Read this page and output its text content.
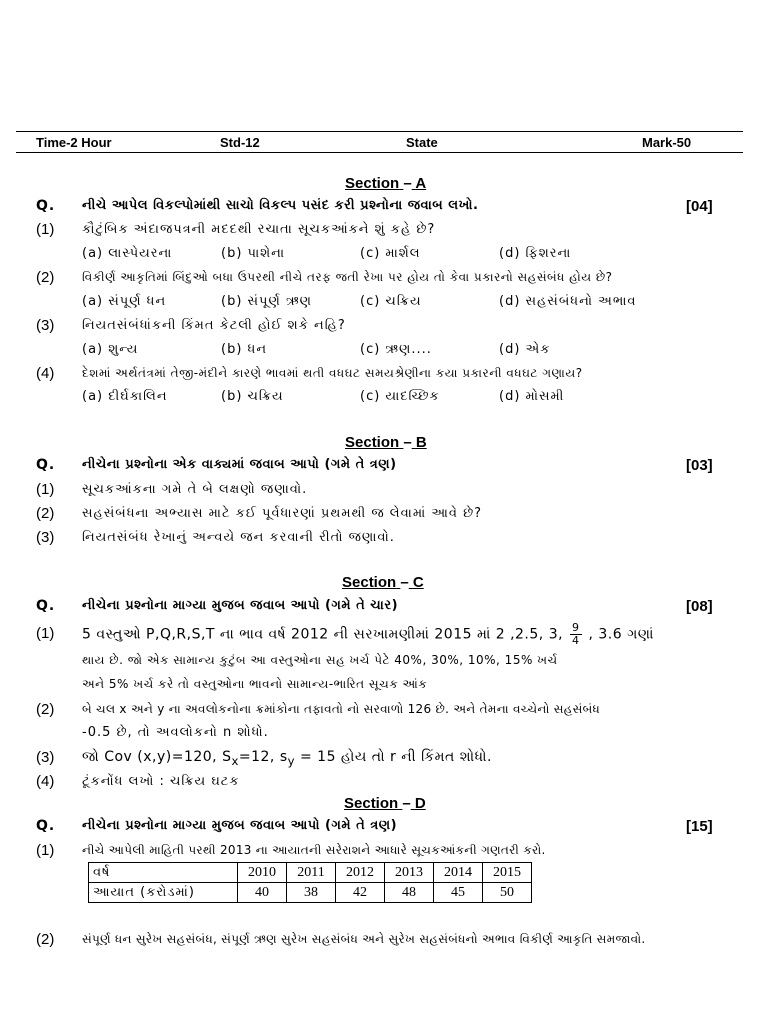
Time-2 Hour	Std-12	State	Mark-50
Section – A
Q. નીચે આપેલ વિકલ્પોમાંથી સાચો વિકલ્પ પસંદ કરી પ્રશ્નોના જવાબ લખો.	[04]
(1) કૌટુંબિક અંદાજપત્રની મદદથી રચાતા સૂચકઆંકને શું કહે છે?
(a) લાસ્પેયરના	(b) પાશેના	(c) માર્શલ	(d) ફિશરના
(2) વિકીર્ણ આકૃતિમાં બિંદુઓ બધા ઉપરથી નીચે તરફ જતી રેખા પર હોય તો કેવા પ્રકારનો સહસંબંધ હોય છે?
(a) સંપૂર્ણ ધન	(b) સંપૂર્ણ ઋણ	(c) ચક્રિય	(d) સહસંબંધનો અભાવ
(3) નિયતસંબંધાંકની કિંમત કેટલી હોઈ શકે નહિ?
(a) શુન્ય	(b) ધન	(c) ઋણ....	(d) એક
(4) દેશમાં અર્થતંત્રમાં તેજી-મંદીને કારણે ભાવમાં થતી વધઘટ સમયશ્રેણીના કયા પ્રકારની વધઘટ ગણાય?
(a) દીર્ઘકાલિન	(b) ચક્રિય	(c) યાદચ્છિક	(d) મોસમી
Section – B
Q. નીચેના પ્રશ્નોના એક વાક્યમાં જવાબ આપો (ગમે તે ત્રણ)	[03]
(1) સૂચકઆંકના ગમે તે બે લક્ષણો જણાવો.
(2) સહસંબંધના અભ્યાસ માટે કઈ પૂર્વધારણાં પ્રથમથી જ લેવામાં આવે છે?
(3) નિયતસંબંધ રેખાનું અન્વયે જન કરવાની રીતો જણાવો.
Section – C
Q. નીચેના પ્રશ્નોના માગ્યા મુજબ જવાબ આપો (ગમે તે ચાર)	[08]
(1) 5 વસ્તુઓ P,Q,R,S,T ના ભાવ વર્ષ 2012 ની સરખામણીમાં 2015 માં 2 ,2.5, 3, $\frac{9}{4}$ , 3.6 ગણાં
થાય છે. જો એક સામાન્ય કુટુંબ આ વસ્તુઓના સહ ખર્ચ પેટે 40%, 30%, 10%, 15% ખર્ચ
અને 5% ખર્ચ કરે તો વસ્તુઓના ભાવનો સામાન્ય-ભારિત સૂચક આંક
(2) બે ચલ x અને y ના અવલોકનોના ક્રમાંકોના તફાવતો નો સરવાળો 126 છે. અને તેમના વચ્ચેનો સહસંબંધ
-0.5 છે, તો અવલોકનો n શોધો.
(3) જો Cov (x,y)=120, $S_x=12$, $s_y = 15$ હોય તો r ની કિંમત શોધો.
(4) ટૂંકનોંધ લખો : ચક્રિય ઘટક
Section – D
Q. નીચેના પ્રશ્નોના માગ્યા મુજબ જવાબ આપો (ગમે તે ત્રણ)	[15]
(1) નીચે આપેલી માહિતી પરથી 2013 ના આયાતની સરેરાશને આધારે સૂચકઆંકની ગણતરી કરો.
વર્ષ	2010	2011	2012	2013	2014	2015
આયાત (કરોડમાં)	40	38	42	48	45	50
(2) સંપૂર્ણ ધન સુરેખ સહસંબંધ, સંપૂર્ણ ઋણ સુરેખ સહસંબંધ અને સુરેખ સહસંબંધનો અભાવ વિકીર્ણ આકૃતિ સમજાવો.
